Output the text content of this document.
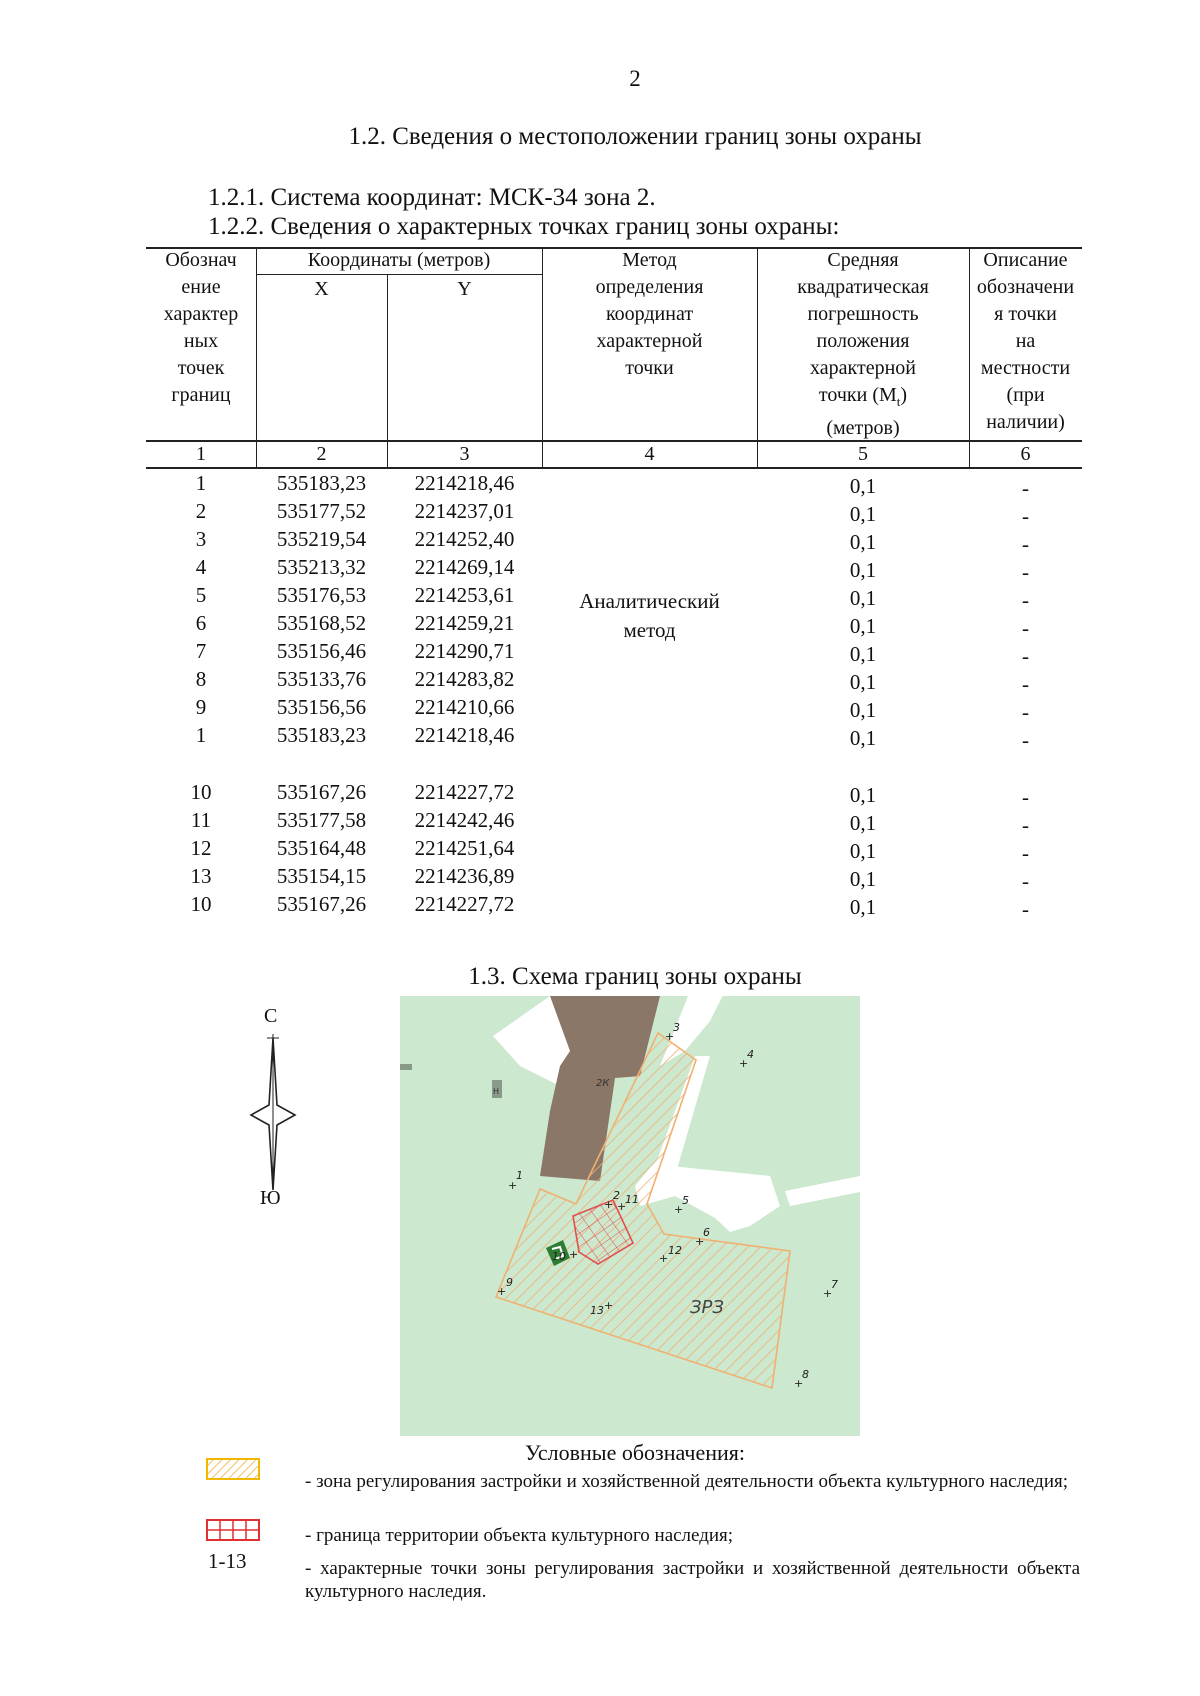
2
1.2. Сведения о местоположении границ зоны охраны
1.2.1. Система координат: МСК-34 зона 2.
1.2.2. Сведения о характерных точках границ зоны охраны:
Обознач
ение
характер
ных
точек
границ
Координаты (метров)
X	Y
Метод
определения
координат
характерной
точки
Средняя
квадратическая
погрешность
положения
характерной
точки $(M_t)$
(метров)
Описание
обозначени
я точки
на
местности
(при
наличии)
1	2	3	4	5	6
Аналитический
метод
1	535183,23	2214218,46	0,1	-
2	535177,52	2214237,01	0,1	-
3	535219,54	2214252,40	0,1	-
4	535213,32	2214269,14	0,1	-
5	535176,53	2214253,61	0,1	-
6	535168,52	2214259,21	0,1	-
7	535156,46	2214290,71	0,1	-
8	535133,76	2214283,82	0,1	-
9	535156,56	2214210,66	0,1	-
1	535183,23	2214218,46	0,1	-
10	535167,26	2214227,72	0,1	-
11	535177,58	2214242,46	0,1	-
12	535164,48	2214251,64	0,1	-
13	535154,15	2214236,89	0,1	-
10	535167,26	2214227,72	0,1	-
1.3. Схема границ зоны охраны
С
Ю
1
+
2
+
3
+
4
+
5
+
6
+
7
+
8
+
9
+
10 +
11
+
12
+
13 +
2К
Н
ЗРЗ
Условные обозначения:
- зона регулирования застройки и хозяйственной деятельности объекта культурного наследия;
- граница территории объекта культурного наследия;
1-13	- характерные точки зоны регулирования застройки и хозяйственной деятельности объекта культурного наследия.
